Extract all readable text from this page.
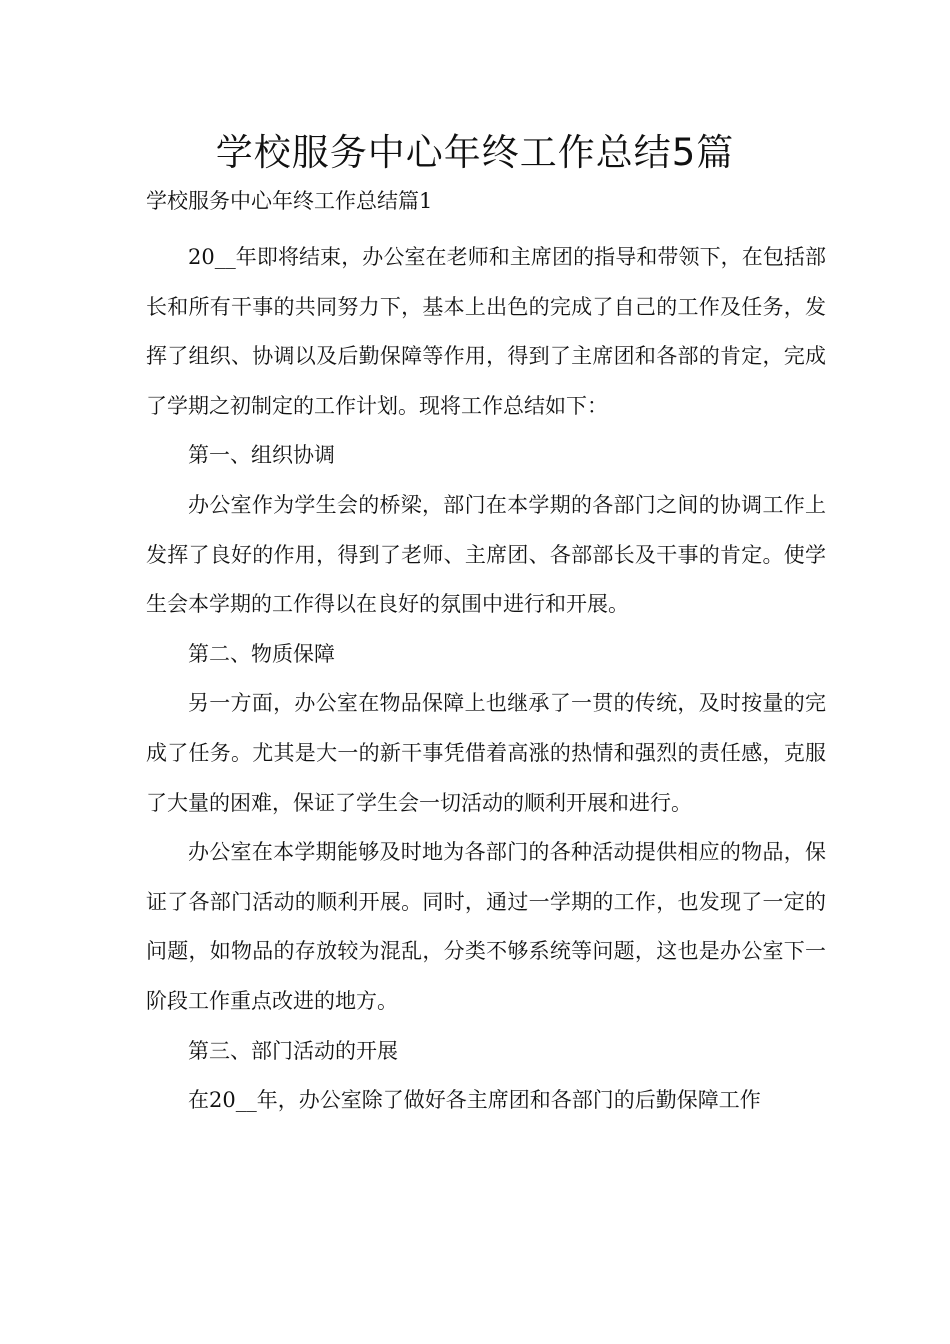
学校服务中心年终工作总结5篇
学校服务中心年终工作总结篇1

20__年即将结束，办公室在老师和主席团的指导和带领下，在包括部长和所有干事的共同努力下，基本上出色的完成了自己的工作及任务，发挥了组织、协调以及后勤保障等作用，得到了主席团和各部的肯定，完成了学期之初制定的工作计划。现将工作总结如下：

第一、组织协调

办公室作为学生会的桥梁，部门在本学期的各部门之间的协调工作上发挥了良好的作用，得到了老师、主席团、各部部长及干事的肯定。使学生会本学期的工作得以在良好的氛围中进行和开展。

第二、物质保障

另一方面，办公室在物品保障上也继承了一贯的传统，及时按量的完成了任务。尤其是大一的新干事凭借着高涨的热情和强烈的责任感，克服了大量的困难，保证了学生会一切活动的顺利开展和进行。

办公室在本学期能够及时地为各部门的各种活动提供相应的物品，保证了各部门活动的顺利开展。同时，通过一学期的工作，也发现了一定的问题，如物品的存放较为混乱，分类不够系统等问题，这也是办公室下一阶段工作重点改进的地方。

第三、部门活动的开展

在20__年，办公室除了做好各主席团和各部门的后勤保障工作
